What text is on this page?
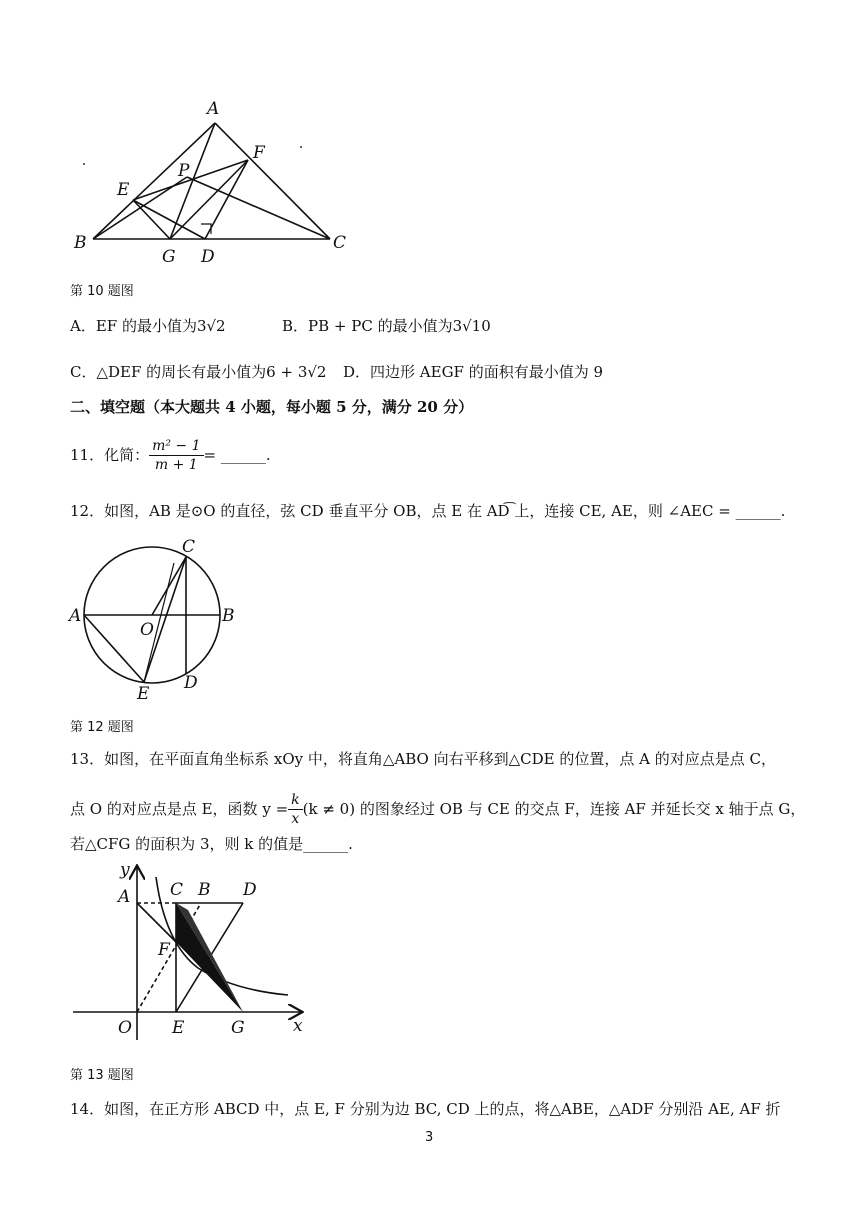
A
B	C
D
E
F
G
P
第 10 题图
A．EF 的最小值为3√2	B．PB + PC 的最小值为3√10
C．△DEF 的周长有最小值为6 + 3√2 D．四边形 AEGF 的面积有最小值为 9
二、填空题（本大题共 4 小题，每小题 5 分，满分 20 分）
11．化简： $\frac{\text{m² − 1}}{m + 1}$ = ______.
12．如图，AB 是⊙O 的直径，弦 CD 垂直平分 OB，点 E 在 AD͡ 上，连接 CE, AE，则 ∠AEC = ______.
A	B
C
D
E
O
第 12 题图
13．如图，在平面直角坐标系 xOy 中，将直角△ABO 向右平移到△CDE 的位置，点 A 的对应点是点 C，
点 O 的对应点是点 E，函数 $y = \frac{k}{x} (k \ne 0)$ 的图象经过 OB 与 CE 的交点 F，连接 AF 并延长交 x 轴于点 G，
若△CFG 的面积为 3，则 k 的值是______.
y
x
A C B D
F
O E	G
第 13 题图
14．如图，在正方形 ABCD 中，点 E, F 分别为边 BC, CD 上的点，将△ABE，△ADF 分别沿 AE, AF 折
3
